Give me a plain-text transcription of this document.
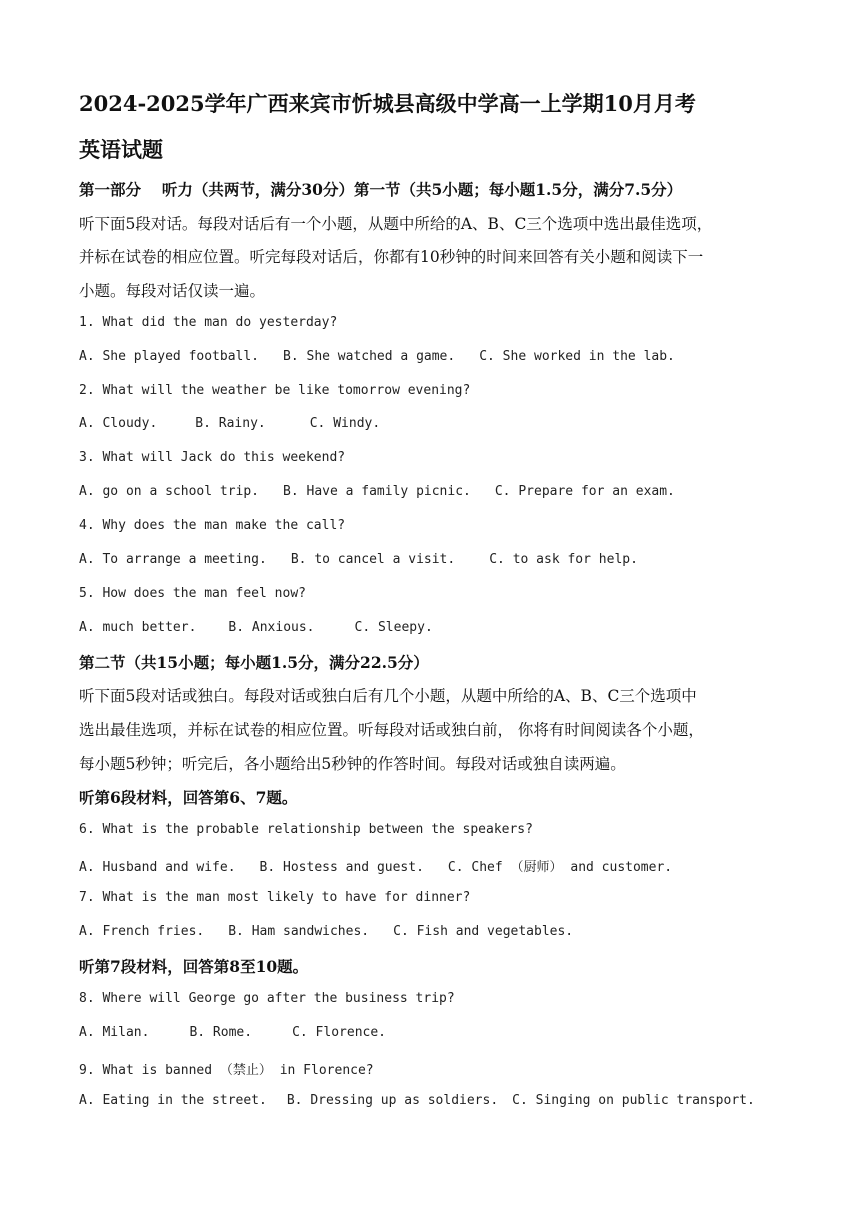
2024-2025学年广西来宾市忻城县高级中学高一上学期10月月考
英语试题
第一部分　 听力（共两节，满分30分）第一节（共5小题；每小题1.5分，满分7.5分）
听下面5段对话。每段对话后有一个小题，从题中所给的A、B、C三个选项中选出最佳选项，
并标在试卷的相应位置。听完每段对话后，你都有10秒钟的时间来回答有关小题和阅读下一
小题。每段对话仅读一遍。
1. What did the man do yesterday?
A. She played football. B. She watched a game. C. She worked in the lab.
2. What will the weather be like tomorrow evening?
A. Cloudy.	B. Rainy.	C. Windy.
3. What will Jack do this weekend?
A. go on a school trip. B. Have a family picnic. C. Prepare for an exam.
4. Why does the man make the call?
A. To arrange a meeting. B. to cancel a visit.	C. to ask for help.
5. How does the man feel now?
A. much better. B. Anxious.	C. Sleepy.
第二节（共15小题；每小题1.5分，满分22.5分）
听下面5段对话或独白。每段对话或独白后有几个小题，从题中所给的A、B、C三个选项中
选出最佳选项，并标在试卷的相应位置。听每段对话或独白前， 你将有时间阅读各个小题，
每小题5秒钟；听完后，各小题给出5秒钟的作答时间。每段对话或独自读两遍。
听第6段材料，回答第6、7题。
6. What is the probable relationship between the speakers?
A. Husband and wife. B. Hostess and guest. C. Chef （厨师） and customer.
7. What is the man most likely to have for dinner?
A. French fries. B. Ham sandwiches. C. Fish and vegetables.
听第7段材料，回答第8至10题。
8. Where will George go after the business trip?
A. Milan.	B. Rome.	C. Florence.
9. What is banned （禁止） in Florence?
A. Eating in the street. B. Dressing up as soldiers. C. Singing on public transport.
